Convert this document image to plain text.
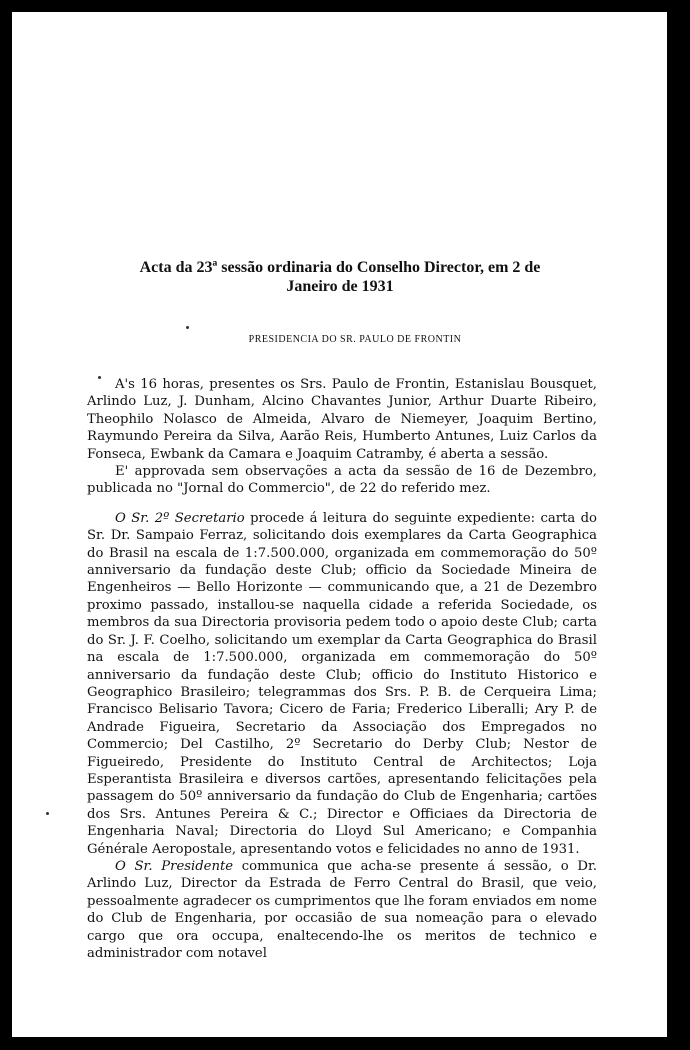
Acta da 23ª sessão ordinaria do Conselho Director, em 2 de
Janeiro de 1931
PRESIDENCIA DO SR. PAULO DE FRONTIN

A's 16 horas, presentes os Srs. Paulo de Frontin, Estanislau Bousquet, Arlindo Luz, J. Dunham, Alcino Chavantes Junior, Arthur Duarte Ribeiro, Theophilo Nolasco de Almeida, Alvaro de Niemeyer, Joaquim Bertino, Raymundo Pereira da Silva, Aarão Reis, Humberto Antunes, Luiz Carlos da Fonseca, Ewbank da Camara e Joaquim Catramby, é aberta a sessão.

E' approvada sem observações a acta da sessão de 16 de Dezembro, publicada no "Jornal do Commercio", de 22 do referido mez.

O Sr. 2º Secretario procede á leitura do seguinte expediente: carta do Sr. Dr. Sampaio Ferraz, solicitando dois exemplares da Carta Geographica do Brasil na escala de 1:7.500.000, organizada em commemoração do 50º anniversario da fundação deste Club; officio da Sociedade Mineira de Engenheiros — Bello Horizonte — communicando que, a 21 de Dezembro proximo passado, installou-se naquella cidade a referida Sociedade, os membros da sua Directoria provisoria pedem todo o apoio deste Club; carta do Sr. J. F. Coelho, solicitando um exemplar da Carta Geographica do Brasil na escala de 1:7.500.000, organizada em commemoração do 50º anniversario da fundação deste Club; officio do Instituto Historico e Geographico Brasileiro; telegrammas dos Srs. P. B. de Cerqueira Lima; Francisco Belisario Tavora; Cicero de Faria; Frederico Liberalli; Ary P. de Andrade Figueira, Secretario da Associação dos Empregados no Commercio; Del Castilho, 2º Secretario do Derby Club; Nestor de Figueiredo, Presidente do Instituto Central de Architectos; Loja Esperantista Brasileira e diversos cartões, apresentando felicitações pela passagem do 50º anniversario da fundação do Club de Engenharia; cartões dos Srs. Antunes Pereira & C.; Director e Officiaes da Directoria de Engenharia Naval; Directoria do Lloyd Sul Americano; e Companhia Générale Aeropostale, apresentando votos e felicidades no anno de 1931.

O Sr. Presidente communica que acha-se presente á sessão, o Dr. Arlindo Luz, Director da Estrada de Ferro Central do Brasil, que veio, pessoalmente agradecer os cumprimentos que lhe foram enviados em nome do Club de Engenharia, por occasião de sua nomeação para o elevado cargo que ora occupa, enaltecendo-lhe os meritos de technico e administrador com notavel
